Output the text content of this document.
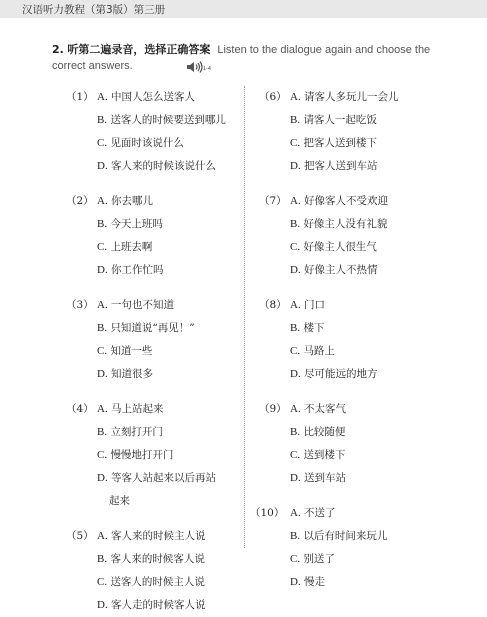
汉语听力教程（第3版）第三册
2. 听第二遍录音，选择正确答案 Listen to the dialogue again and choose the correct answers.	1-4
（1） A. 中国人怎么送客人
B. 送客人的时候要送到哪儿
C. 见面时该说什么
D. 客人来的时候该说什么
（2） A. 你去哪儿
B. 今天上班吗
C. 上班去啊
D. 你工作忙吗
（3） A. 一句也不知道
B. 只知道说“再见！”
C. 知道一些
D. 知道很多
（4） A. 马上站起来
B. 立刻打开门
C. 慢慢地打开门
D. 等客人站起来以后再站
起来
（5） A. 客人来的时候主人说
B. 客人来的时候客人说
C. 送客人的时候主人说
D. 客人走的时候客人说
（6） A. 请客人多玩儿一会儿
B. 请客人一起吃饭
C. 把客人送到楼下
D. 把客人送到车站
（7） A. 好像客人不受欢迎
B. 好像主人没有礼貌
C. 好像主人很生气
D. 好像主人不热情
（8） A. 门口
B. 楼下
C. 马路上
D. 尽可能远的地方
（9） A. 不太客气
B. 比较随便
C. 送到楼下
D. 送到车站
（10） A. 不送了
B. 以后有时间来玩儿
C. 别送了
D. 慢走
